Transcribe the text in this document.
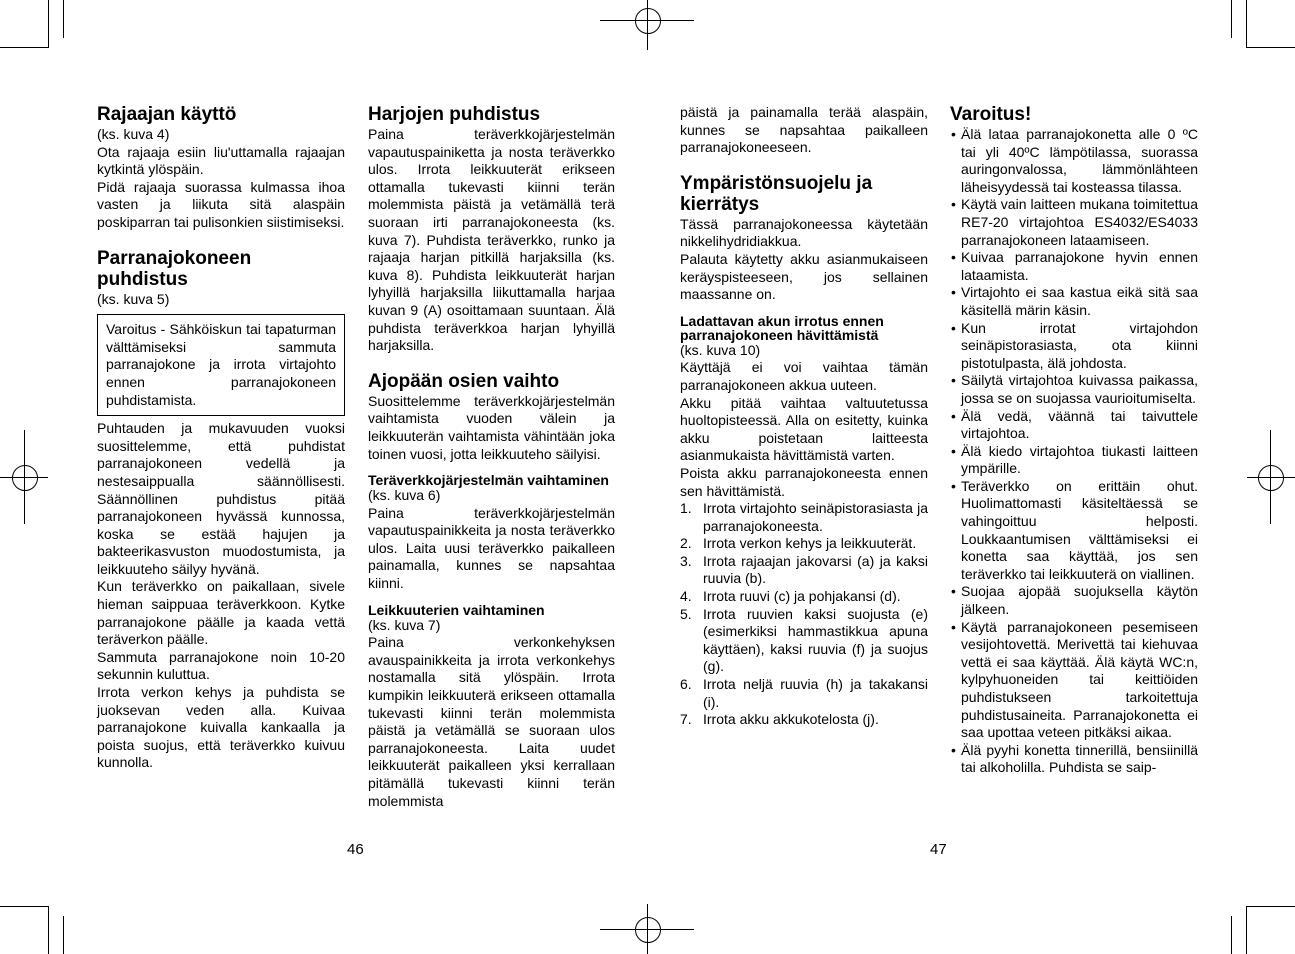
Rajaajan käyttö

(ks. kuva 4)

Ota rajaaja esiin liu'uttamalla rajaajan kytkintä ylöspäin.

Pidä rajaaja suorassa kulmassa ihoa vasten ja liikuta sitä alaspäin poskiparran tai pulisonkien siistimiseksi.

Parranajokoneen puhdistus

(ks. kuva 5)

Varoitus - Sähköiskun tai tapaturman välttämiseksi sammuta parranajokone ja irrota virtajohto ennen parranajokoneen puhdistamista.

Puhtauden ja mukavuuden vuoksi suosittelemme, että puhdistat parranajokoneen vedellä ja nestesaippualla säännöllisesti. Säännöllinen puhdistus pitää parranajokoneen hyvässä kunnossa, koska se estää hajujen ja bakteerikasvuston muodostumista, ja leikkuuteho säilyy hyvänä.

Kun teräverkko on paikallaan, sivele hieman saippuaa teräverkkoon. Kytke parranajokone päälle ja kaada vettä teräverkon päälle.

Sammuta parranajokone noin 10-20 sekunnin kuluttua.

Irrota verkon kehys ja puhdista se juoksevan veden alla. Kuivaa parranajokone kuivalla kankaalla ja poista suojus, että teräverkko kuivuu kunnolla.

Harjojen puhdistus

Paina teräverkkojärjestelmän vapautuspainiketta ja nosta teräverkko ulos. Irrota leikkuuterät erikseen ottamalla tukevasti kiinni terän molemmista päistä ja vetämällä terä suoraan irti parranajokoneesta (ks. kuva 7). Puhdista teräverkko, runko ja rajaaja harjan pitkillä harjaksilla (ks. kuva 8). Puhdista leikkuuterät harjan lyhyillä harjaksilla liikuttamalla harjaa kuvan 9 (A) osoittamaan suuntaan. Älä puhdista teräverkkoa harjan lyhyillä harjaksilla.

Ajopään osien vaihto

Suosittelemme teräverkkojärjestelmän vaihtamista vuoden välein ja leikkuuterän vaihtamista vähintään joka toinen vuosi, jotta leikkuuteho säilyisi.

Teräverkkojärjestelmän vaihtaminen

(ks. kuva 6)

Paina teräverkkojärjestelmän vapautuspainikkeita ja nosta teräverkko ulos. Laita uusi teräverkko paikalleen painamalla, kunnes se napsahtaa kiinni.

Leikkuuterien vaihtaminen

(ks. kuva 7)

Paina verkonkehyksen avauspainikkeita ja irrota verkonkehys nostamalla sitä ylöspäin. Irrota kumpikin leikkuuterä erikseen ottamalla tukevasti kiinni terän molemmista päistä ja vetämällä se suoraan ulos parranajokoneesta. Laita uudet leikkuuterät paikalleen yksi kerrallaan pitämällä tukevasti kiinni terän molemmista

46

päistä ja painamalla terää alaspäin, kunnes se napsahtaa paikalleen parranajokoneeseen.

Ympäristönsuojelu ja kierrätys

Tässä parranajokoneessa käytetään nikkelihydridiakkua.

Palauta käytetty akku asianmukaiseen keräyspisteeseen, jos sellainen maassanne on.

Ladattavan akun irrotus ennen parranajokoneen hävittämistä

(ks. kuva 10)

Käyttäjä ei voi vaihtaa tämän parranajokoneen akkua uuteen.

Akku pitää vaihtaa valtuutetussa huoltopisteessä. Alla on esitetty, kuinka akku poistetaan laitteesta asianmukaista hävittämistä varten.

Poista akku parranajokoneesta ennen sen hävittämistä.

1. Irrota virtajohto seinäpistorasiasta ja parranajokoneesta.
2. Irrota verkon kehys ja leikkuuterät.
3. Irrota rajaajan jakovarsi (a) ja kaksi ruuvia (b).
4. Irrota ruuvi (c) ja pohjakansi (d).
5. Irrota ruuvien kaksi suojusta (e) (esimerkiksi hammastikkua apuna käyttäen), kaksi ruuvia (f) ja suojus (g).
6. Irrota neljä ruuvia (h) ja takakansi (i).
7. Irrota akku akkukotelosta (j).
Varoitus!
• Älä lataa parranajokonetta alle 0 ºC tai yli 40ºC lämpötilassa, suorassa auringonvalossa, lämmönlähteen läheisyydessä tai kosteassa tilassa.
• Käytä vain laitteen mukana toimitettua RE7-20 virtajohtoa ES4032/ES4033 parranajokoneen lataamiseen.
• Kuivaa parranajokone hyvin ennen lataamista.
• Virtajohto ei saa kastua eikä sitä saa käsitellä märin käsin.
• Kun irrotat virtajohdon seinäpistorasiasta, ota kiinni pistotulpasta, älä johdosta.
• Säilytä virtajohtoa kuivassa paikassa, jossa se on suojassa vaurioitumiselta.
• Älä vedä, väännä tai taivuttele virtajohtoa.
• Älä kiedo virtajohtoa tiukasti laitteen ympärille.
• Teräverkko on erittäin ohut. Huolimattomasti käsiteltäessä se vahingoittuu helposti. Loukkaantumisen välttämiseksi ei konetta saa käyttää, jos sen teräverkko tai leikkuuterä on viallinen.
• Suojaa ajopää suojuksella käytön jälkeen.
• Käytä parranajokoneen pesemiseen vesijohtovettä. Merivettä tai kiehuvaa vettä ei saa käyttää. Älä käytä WC:n, kylpyhuoneiden tai keittiöiden puhdistukseen tarkoitettuja puhdistusaineita. Parranajokonetta ei saa upottaa veteen pitkäksi aikaa.
• Älä pyyhi konetta tinnerillä, bensiinillä tai alkoholilla. Puhdista se saip-
47
